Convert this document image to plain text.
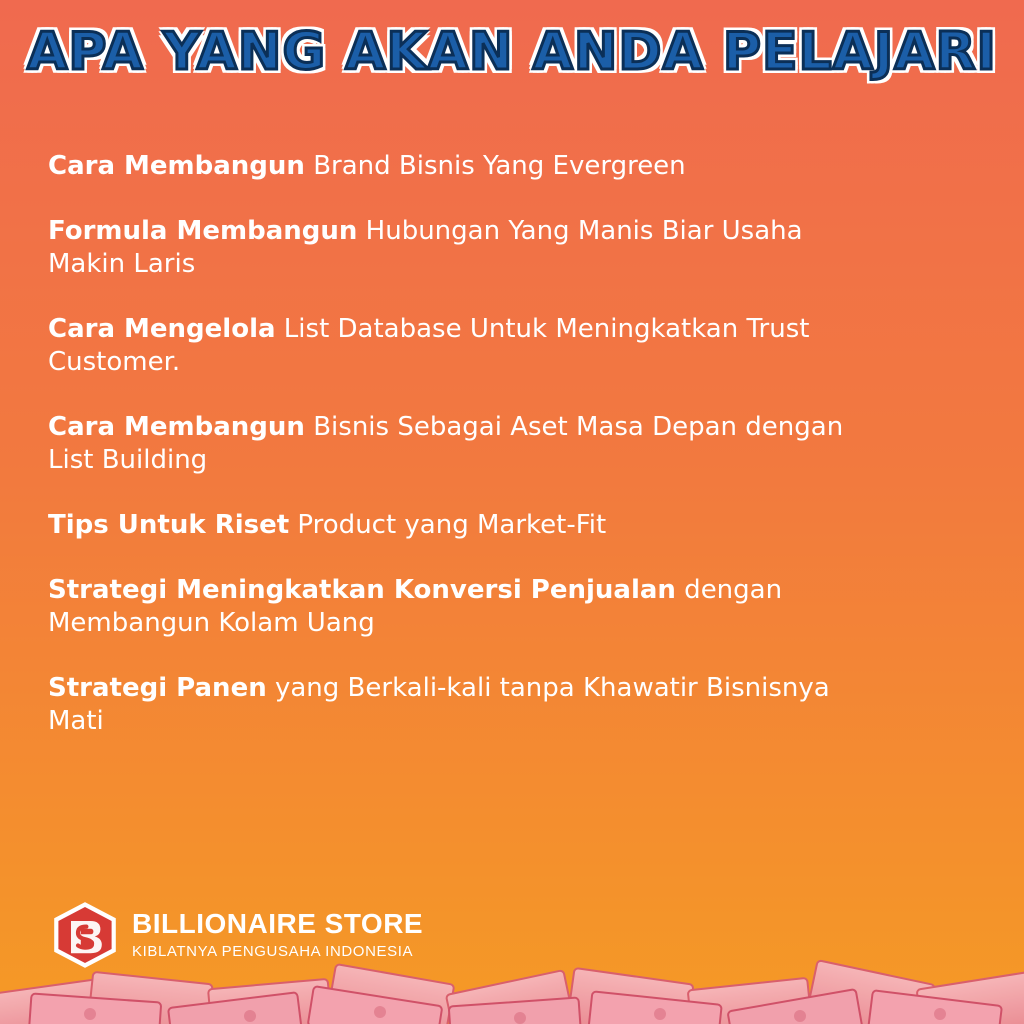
APA YANG AKAN ANDA PELAJARI
Cara Membangun Brand Bisnis Yang Evergreen
Formula Membangun Hubungan Yang Manis Biar Usaha Makin Laris
Cara Mengelola List Database Untuk Meningkatkan Trust Customer.
Cara Membangun Bisnis Sebagai Aset Masa Depan dengan List Building
Tips Untuk Riset Product yang Market-Fit
Strategi Meningkatkan Konversi Penjualan dengan Membangun Kolam Uang
Strategi Panen yang Berkali-kali tanpa Khawatir Bisnisnya Mati
BILLIONAIRE STORE
KIBLATNYA PENGUSAHA INDONESIA
